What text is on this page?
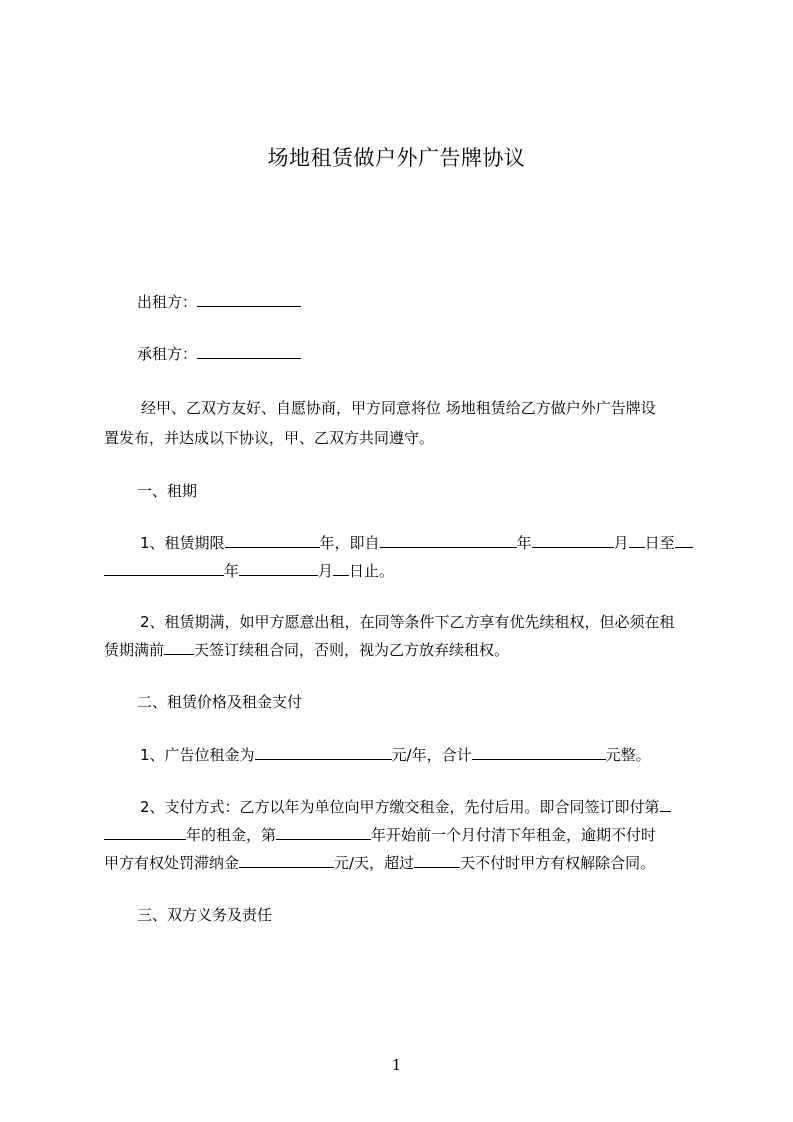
场地租赁做户外广告牌协议
出租方：
承租方：
经甲、乙双方友好、自愿协商，甲方同意将位 场地租赁给乙方做户外广告牌设
置发布，并达成以下协议，甲、乙双方共同遵守。
一、租期
1、租赁期限	年，即自	年	月 日至
年	月 日止。
2、租赁期满，如甲方愿意出租，在同等条件下乙方享有优先续租权，但必须在租
赁期满前 天签订续租合同，否则，视为乙方放弃续租权。
二、租赁价格及租金支付
1、广告位租金为	元/年，合计	元整。
2、支付方式：乙方以年为单位向甲方缴交租金，先付后用。即合同签订即付第
年的租金，第	年开始前一个月付清下年租金，逾期不付时
甲方有权处罚滞纳金	元/天，超过	天不付时甲方有权解除合同。
三、双方义务及责任
1
